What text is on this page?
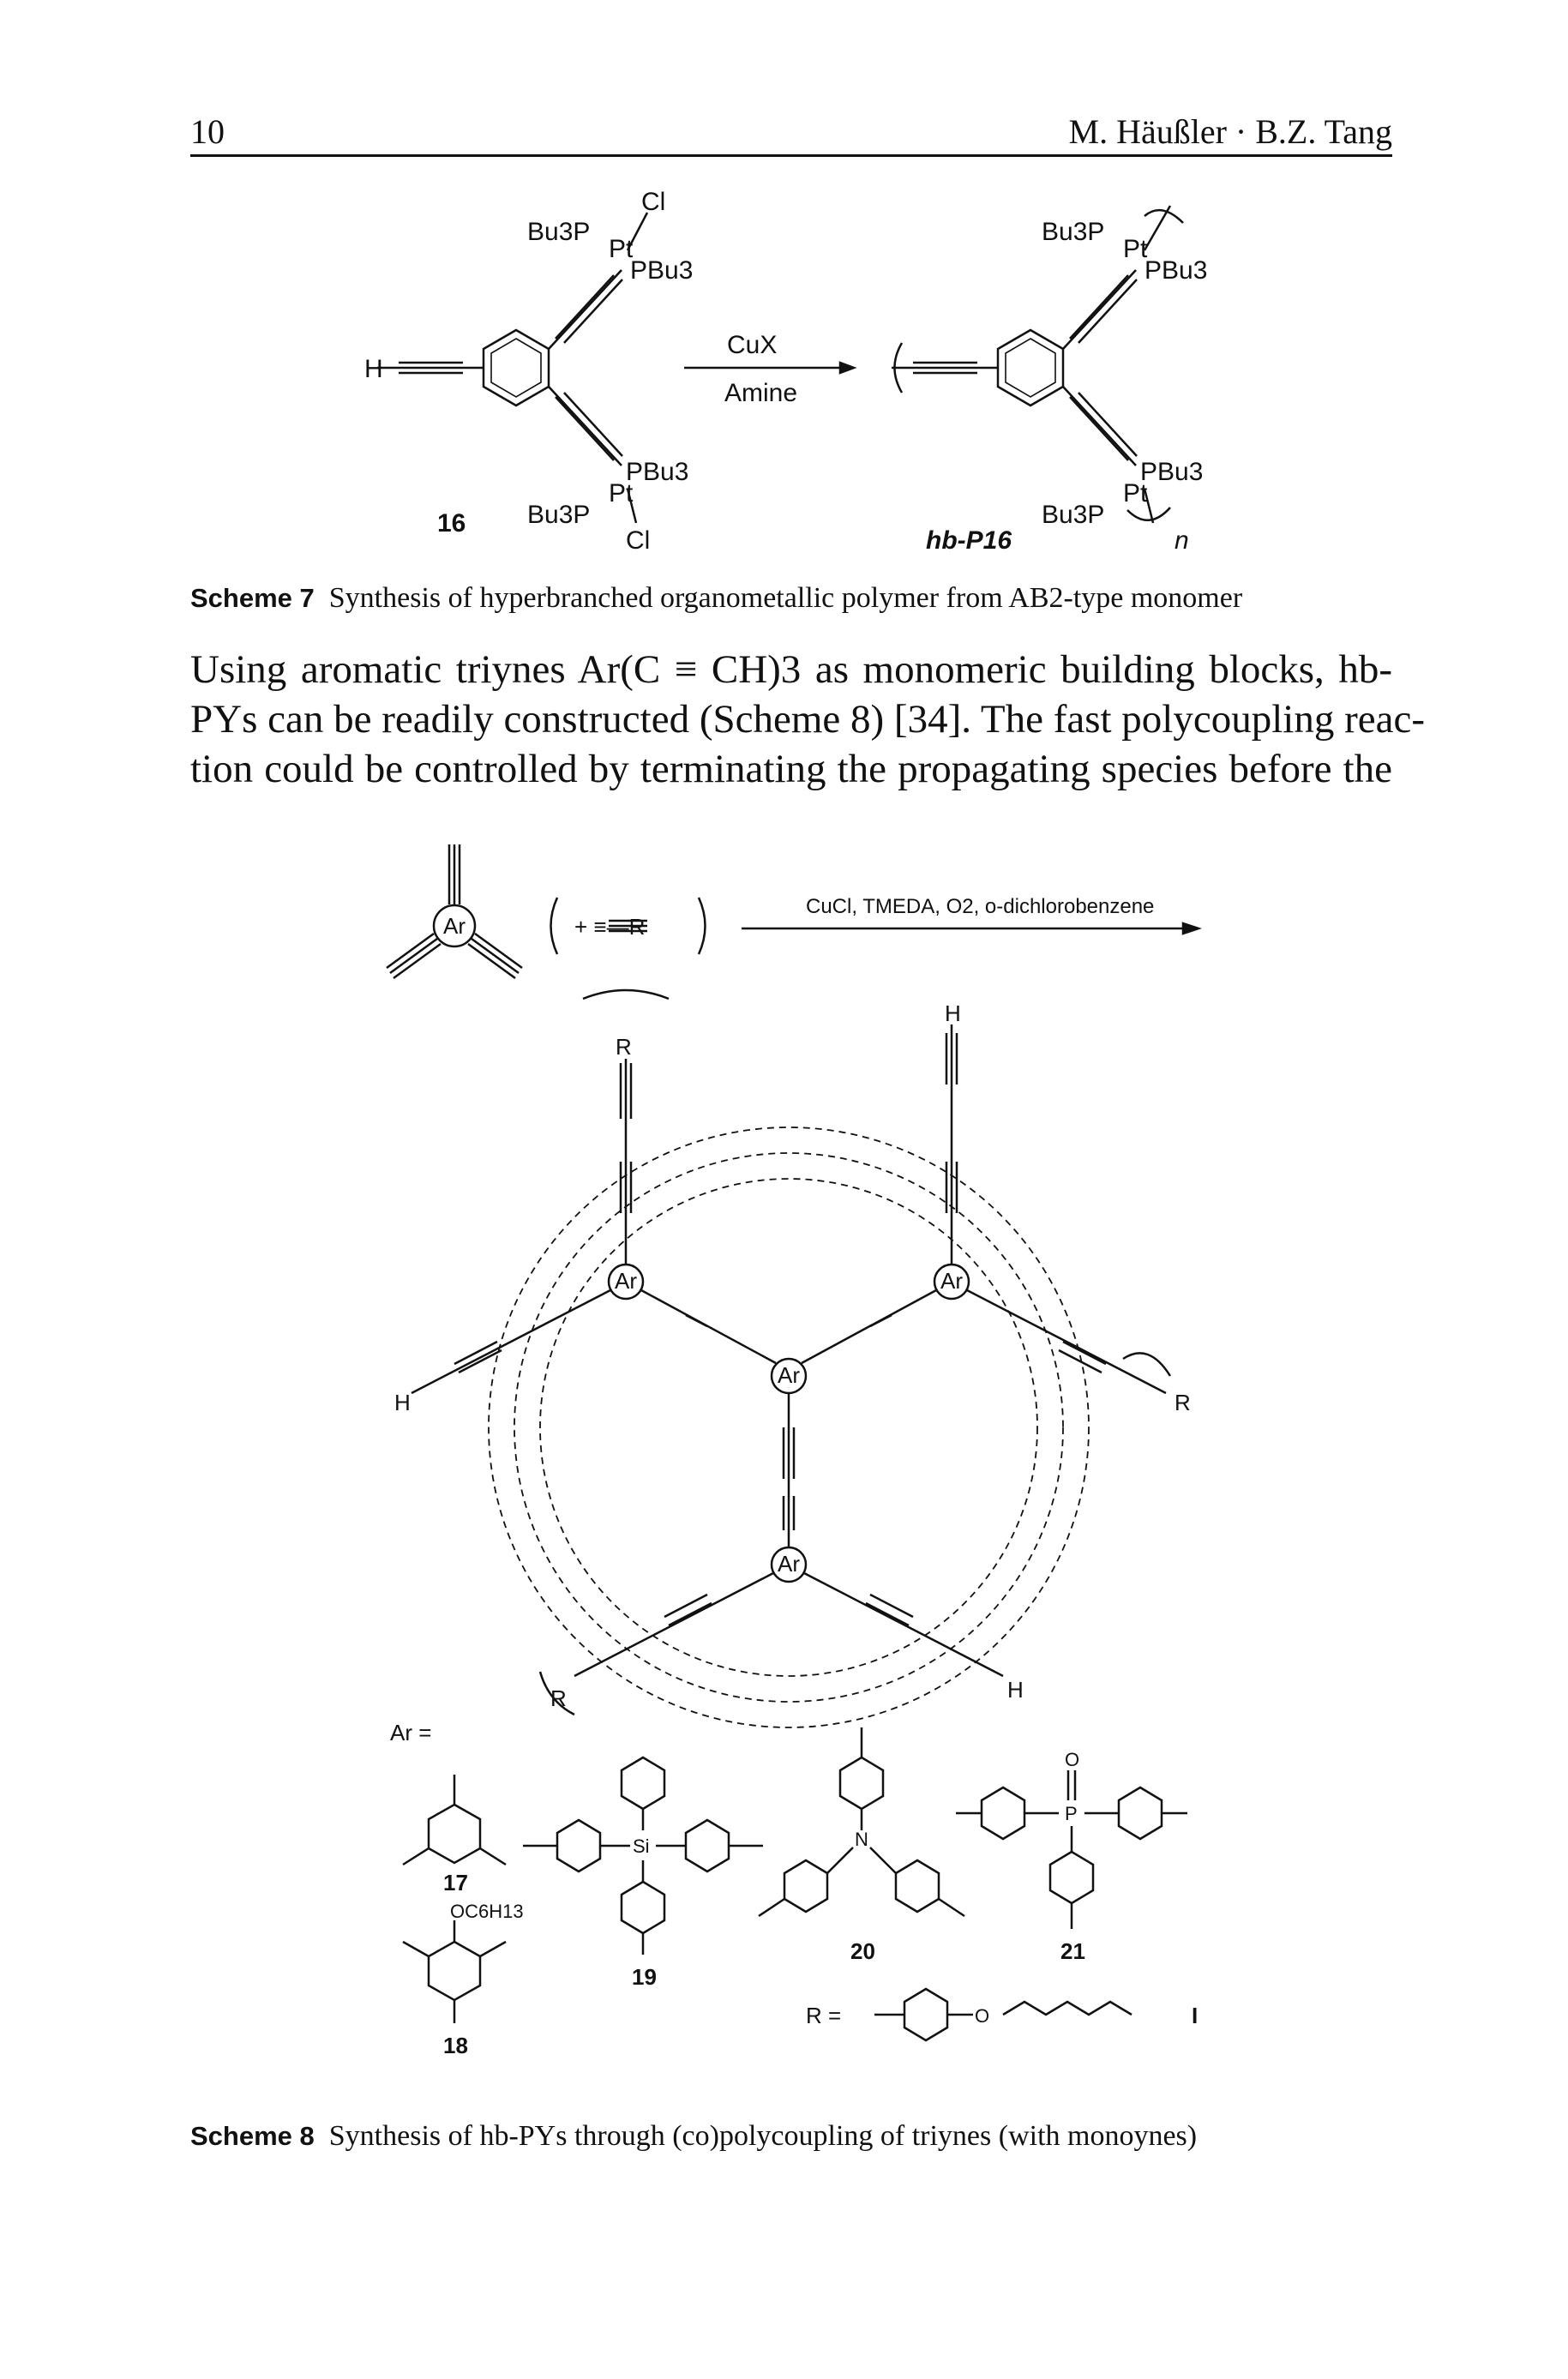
10	M. Häußler · B.Z. Tang
H
Bu3P
Pt
Cl
PBu3
PBu3
Pt
Bu3P
Cl
16
CuX
Amine
Bu3P
Pt
PBu3
PBu3
Pt
Bu3P
hb-P16	n
Scheme 7 Synthesis of hyperbranched organometallic polymer from AB2-type monomer
Using aromatic triynes Ar(C ≡ CH)3 as monomeric building blocks, hb-
PYs can be readily constructed (Scheme 8) [34]. The fast polycoupling reac-
tion could be controlled by terminating the propagating species before the
Ar	+ ≡—R
CuCl, TMEDA, O2, o-dichlorobenzene
R
H
H	R
R	H
Ar
Ar	Ar
Ar
Ar =
17
OC6H13
18
Si
19
N
20
P
O
21
R =	O	I
Scheme 8 Synthesis of hb-PYs through (co)polycoupling of triynes (with monoynes)
